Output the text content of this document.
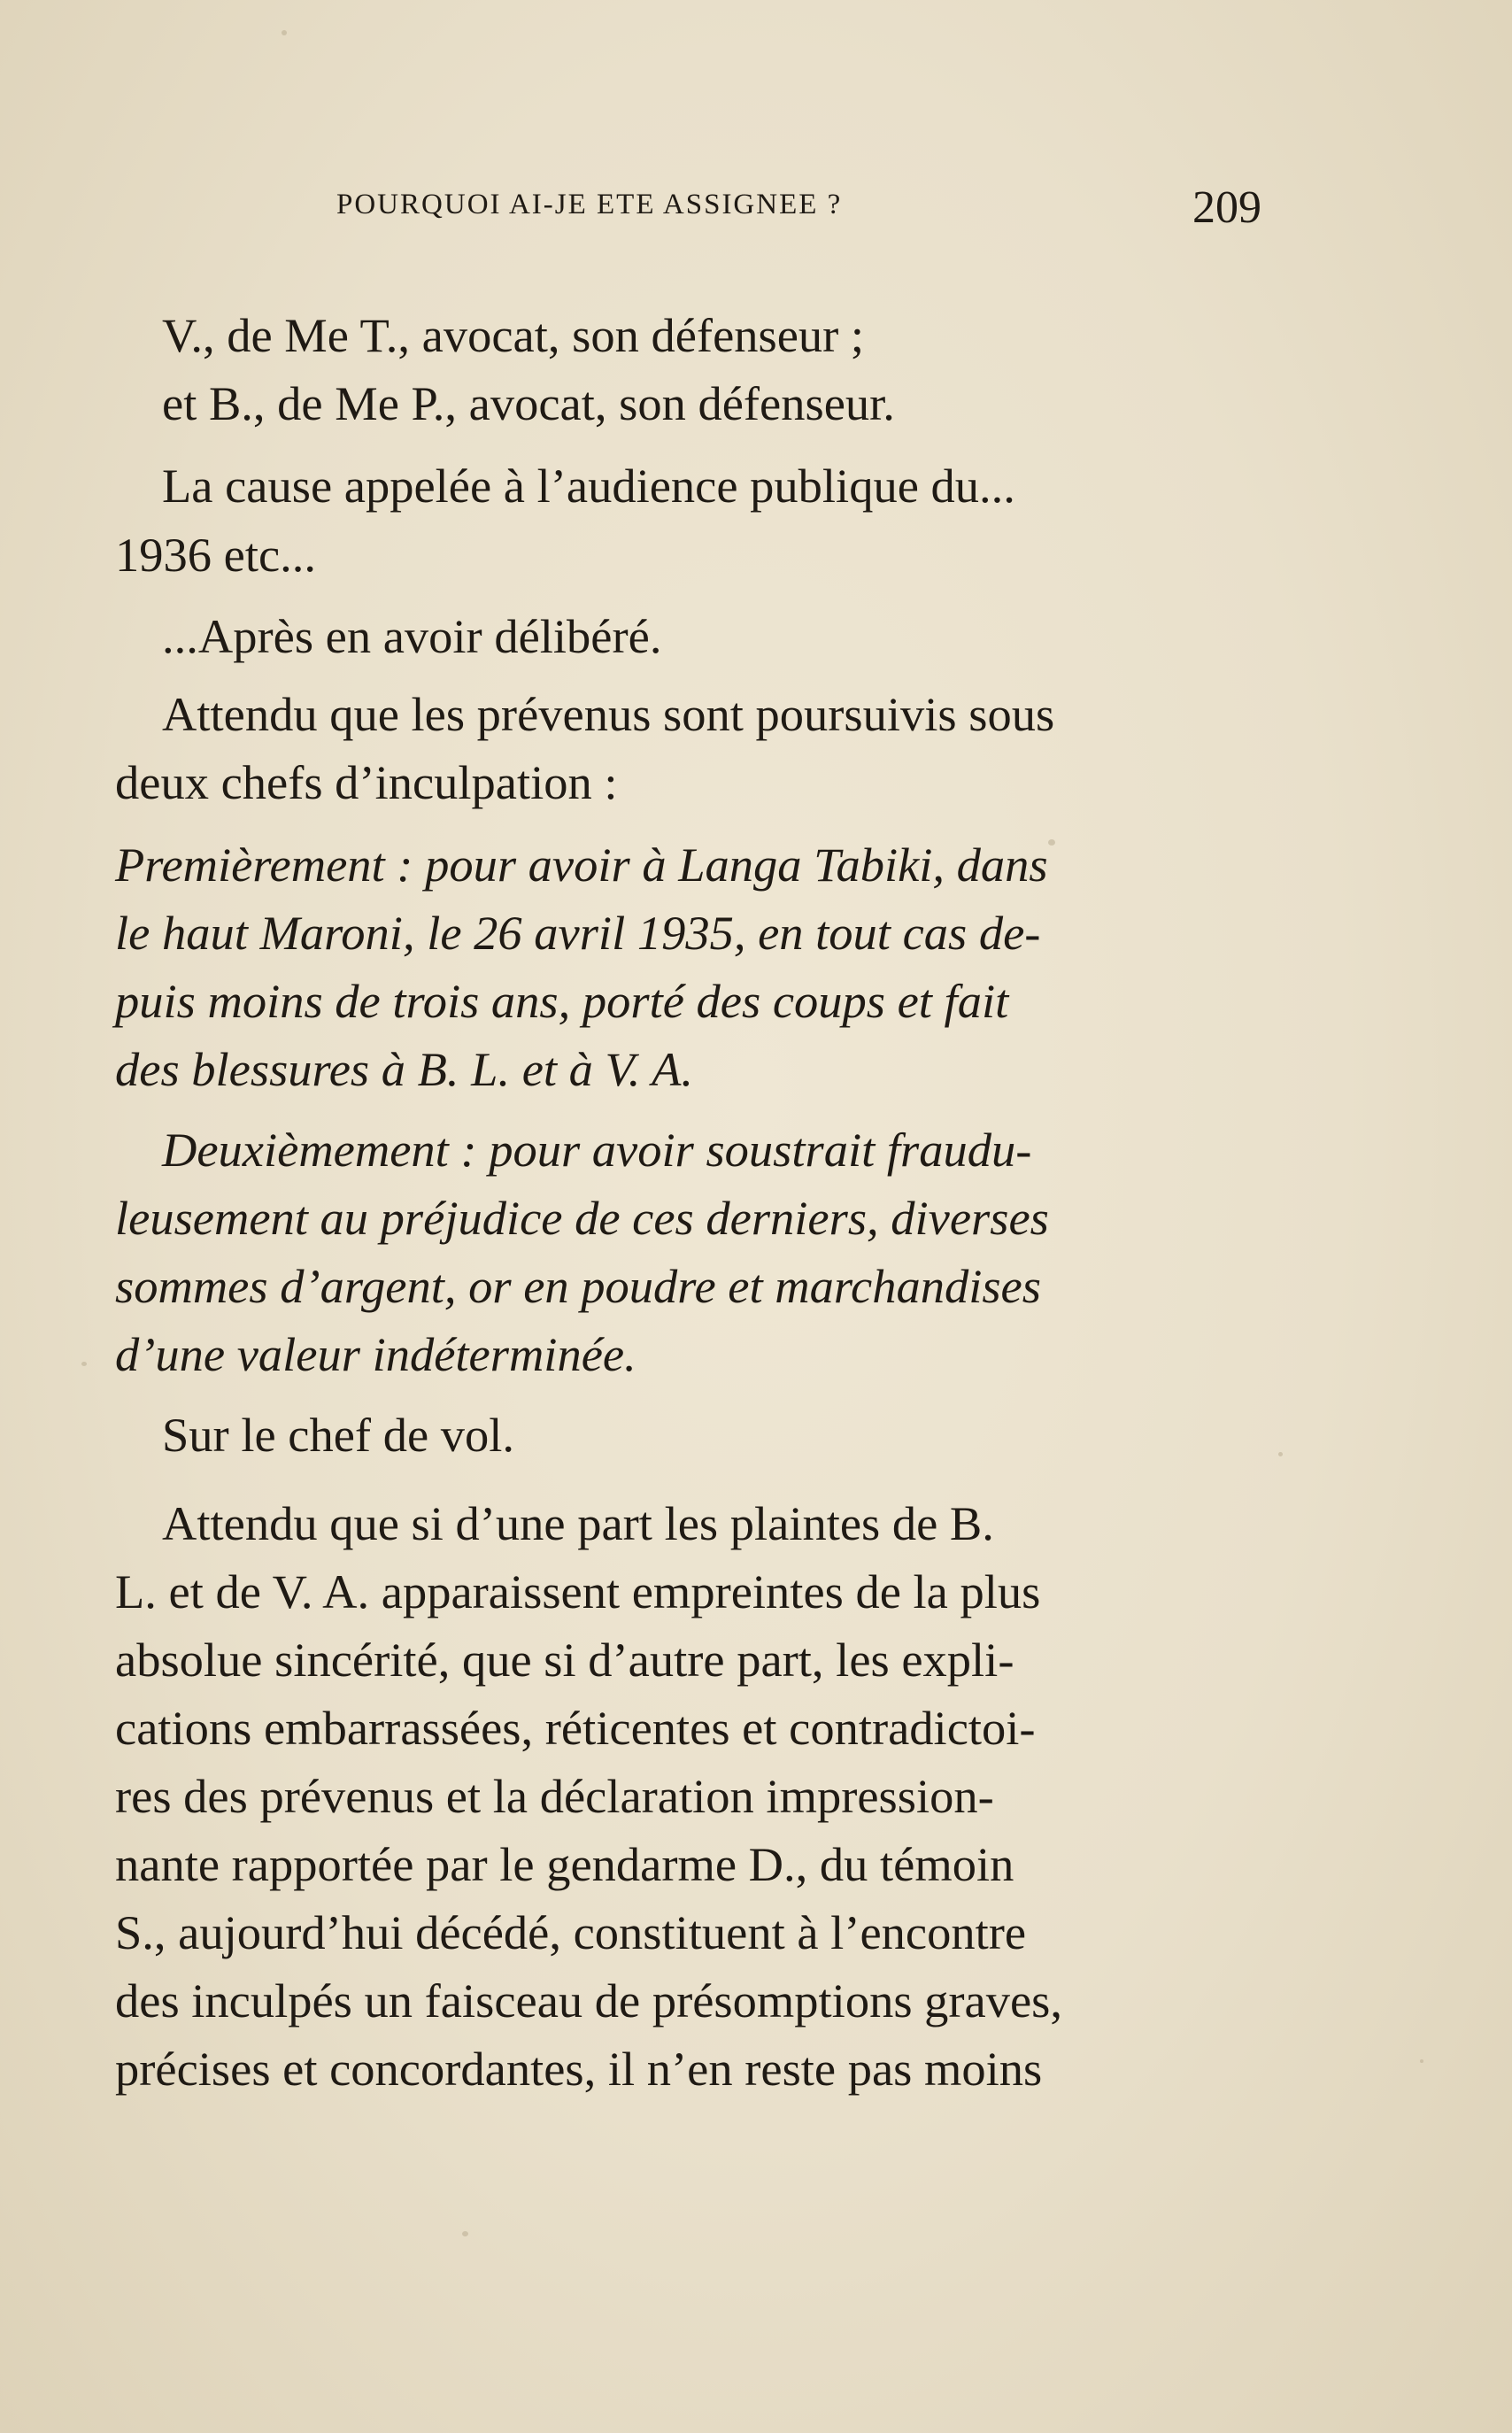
POURQUOI AI-JE ETE ASSIGNEE ?	209
V., de Me T., avocat, son défenseur ;
et B., de Me P., avocat, son défenseur.
La cause appelée à l’audience publique du...
1936 etc...
...Après en avoir délibéré.
Attendu que les prévenus sont poursuivis sous
deux chefs d’inculpation :
Premièrement : pour avoir à Langa Tabiki, dans
le haut Maroni, le 26 avril 1935, en tout cas de-
puis moins de trois ans, porté des coups et fait
des blessures à B. L. et à V. A.
Deuxièmement : pour avoir soustrait fraudu-
leusement au préjudice de ces derniers, diverses
sommes d’argent, or en poudre et marchandises
d’une valeur indéterminée.
Sur le chef de vol.
Attendu que si d’une part les plaintes de B.
L. et de V. A. apparaissent empreintes de la plus
absolue sincérité, que si d’autre part, les expli-
cations embarrassées, réticentes et contradictoi-
res des prévenus et la déclaration impression-
nante rapportée par le gendarme D., du témoin
S., aujourd’hui décédé, constituent à l’encontre
des inculpés un faisceau de présomptions graves,
précises et concordantes, il n’en reste pas moins
